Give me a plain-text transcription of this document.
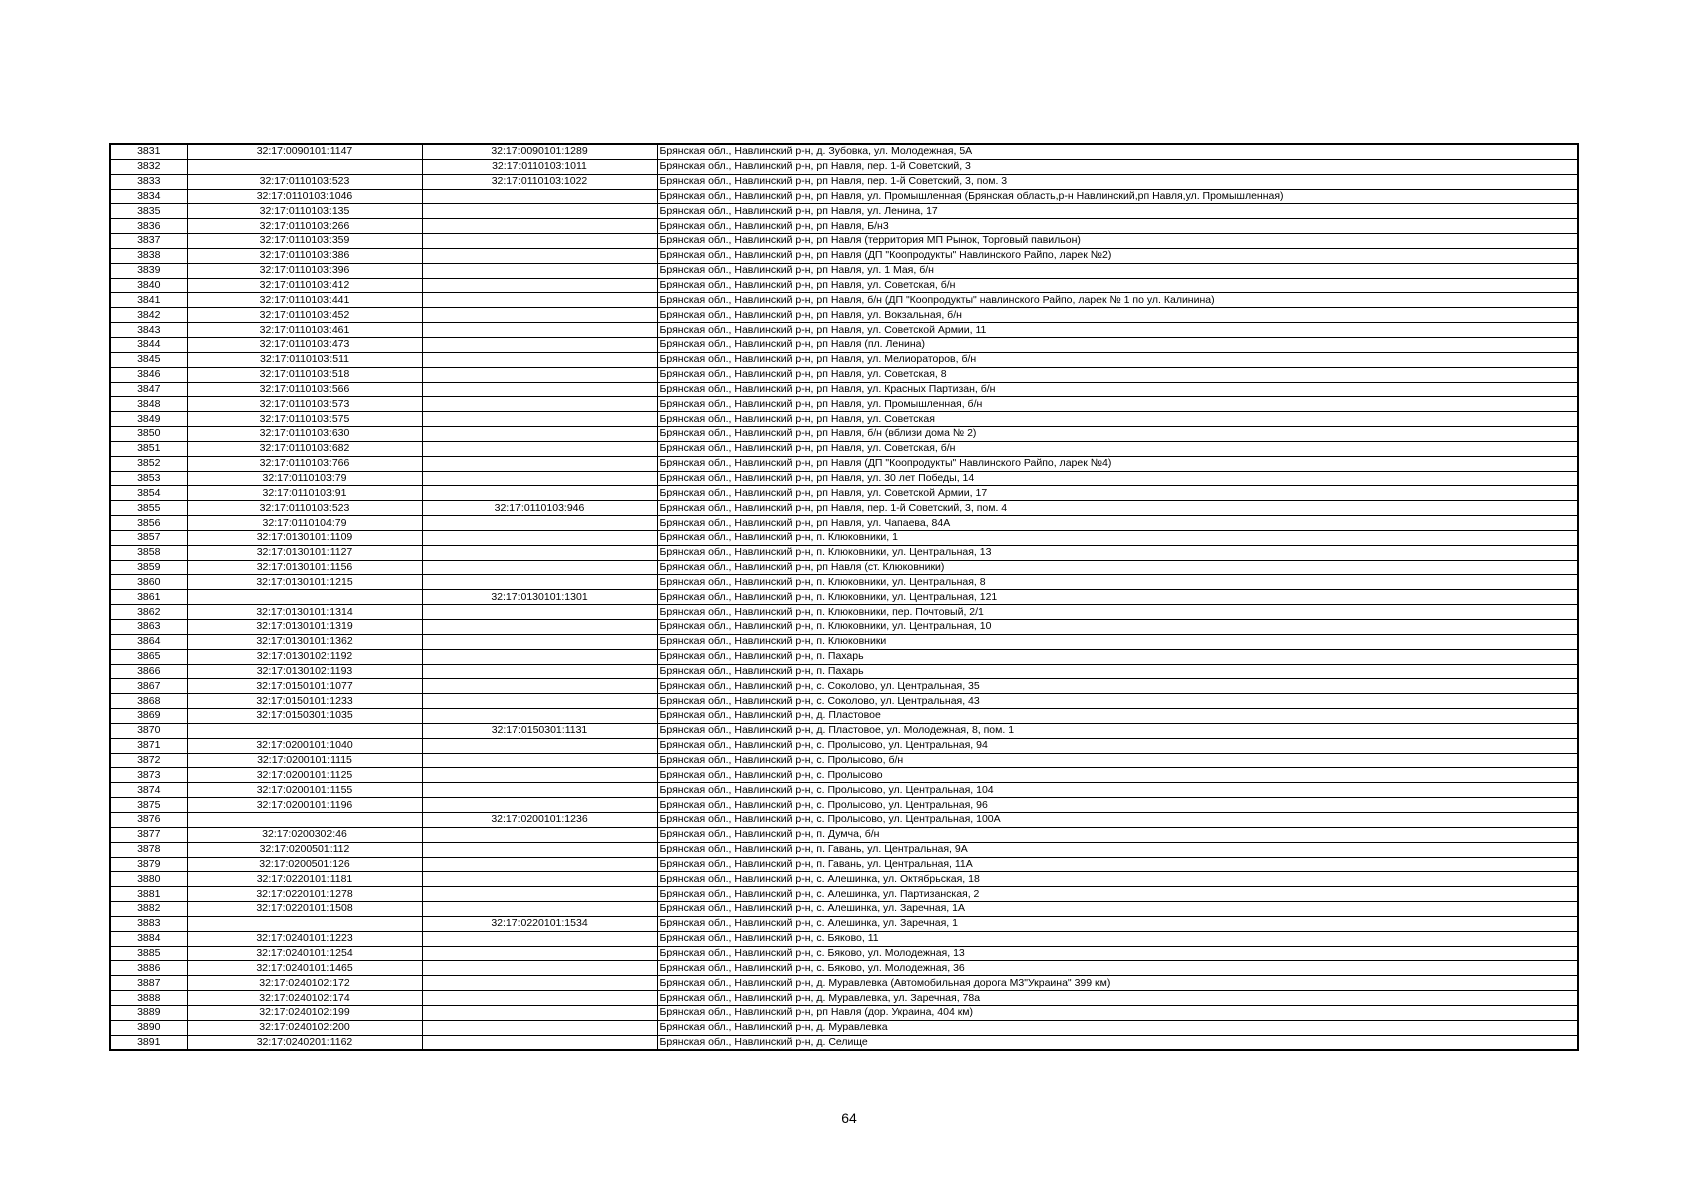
3831	32:17:0090101:1147	32:17:0090101:1289	Брянская обл., Навлинский р-н, д. Зубовка, ул. Молодежная, 5А
3832		32:17:0110103:1011	Брянская обл., Навлинский р-н, рп Навля, пер. 1-й Советский, 3
3833	32:17:0110103:523	32:17:0110103:1022	Брянская обл., Навлинский р-н, рп Навля, пер. 1-й Советский, 3, пом. 3
3834	32:17:0110103:1046		Брянская обл., Навлинский р-н, рп Навля, ул. Промышленная (Брянская область,р-н Навлинский,рп Навля,ул. Промышленная)
3835	32:17:0110103:135		Брянская обл., Навлинский р-н, рп Навля, ул. Ленина, 17
3836	32:17:0110103:266		Брянская обл., Навлинский р-н, рп Навля, Б/н3
3837	32:17:0110103:359		Брянская обл., Навлинский р-н, рп Навля (территория МП Рынок, Торговый павильон)
3838	32:17:0110103:386		Брянская обл., Навлинский р-н, рп Навля (ДП "Коопродукты" Навлинского Райпо, ларек №2)
3839	32:17:0110103:396		Брянская обл., Навлинский р-н, рп Навля, ул. 1 Мая, б/н
3840	32:17:0110103:412		Брянская обл., Навлинский р-н, рп Навля, ул. Советская, б/н
3841	32:17:0110103:441		Брянская обл., Навлинский р-н, рп Навля, б/н (ДП "Коопродукты" навлинского Райпо, ларек № 1 по ул. Калинина)
3842	32:17:0110103:452		Брянская обл., Навлинский р-н, рп Навля, ул. Вокзальная, б/н
3843	32:17:0110103:461		Брянская обл., Навлинский р-н, рп Навля, ул. Советской Армии, 11
3844	32:17:0110103:473		Брянская обл., Навлинский р-н, рп Навля (пл. Ленина)
3845	32:17:0110103:511		Брянская обл., Навлинский р-н, рп Навля, ул. Мелиораторов, б/н
3846	32:17:0110103:518		Брянская обл., Навлинский р-н, рп Навля, ул. Советская, 8
3847	32:17:0110103:566		Брянская обл., Навлинский р-н, рп Навля, ул. Красных Партизан, б/н
3848	32:17:0110103:573		Брянская обл., Навлинский р-н, рп Навля, ул. Промышленная, б/н
3849	32:17:0110103:575		Брянская обл., Навлинский р-н, рп Навля, ул. Советская
3850	32:17:0110103:630		Брянская обл., Навлинский р-н, рп Навля, б/н (вблизи дома № 2)
3851	32:17:0110103:682		Брянская обл., Навлинский р-н, рп Навля, ул. Советская, б/н
3852	32:17:0110103:766		Брянская обл., Навлинский р-н, рп Навля (ДП "Коопродукты" Навлинского Райпо, ларек №4)
3853	32:17:0110103:79		Брянская обл., Навлинский р-н, рп Навля, ул. 30 лет Победы, 14
3854	32:17:0110103:91		Брянская обл., Навлинский р-н, рп Навля, ул. Советской Армии, 17
3855	32:17:0110103:523	32:17:0110103:946	Брянская обл., Навлинский р-н, рп Навля, пер. 1-й Советский, 3, пом. 4
3856	32:17:0110104:79		Брянская обл., Навлинский р-н, рп Навля, ул. Чапаева, 84А
3857	32:17:0130101:1109		Брянская обл., Навлинский р-н, п. Клюковники, 1
3858	32:17:0130101:1127		Брянская обл., Навлинский р-н, п. Клюковники, ул. Центральная, 13
3859	32:17:0130101:1156		Брянская обл., Навлинский р-н, рп Навля (ст. Клюковники)
3860	32:17:0130101:1215		Брянская обл., Навлинский р-н, п. Клюковники, ул. Центральная, 8
3861		32:17:0130101:1301	Брянская обл., Навлинский р-н, п. Клюковники, ул. Центральная, 121
3862	32:17:0130101:1314		Брянская обл., Навлинский р-н, п. Клюковники, пер. Почтовый, 2/1
3863	32:17:0130101:1319		Брянская обл., Навлинский р-н, п. Клюковники, ул. Центральная, 10
3864	32:17:0130101:1362		Брянская обл., Навлинский р-н, п. Клюковники
3865	32:17:0130102:1192		Брянская обл., Навлинский р-н, п. Пахарь
3866	32:17:0130102:1193		Брянская обл., Навлинский р-н, п. Пахарь
3867	32:17:0150101:1077		Брянская обл., Навлинский р-н, с. Соколово, ул. Центральная, 35
3868	32:17:0150101:1233		Брянская обл., Навлинский р-н, с. Соколово, ул. Центральная, 43
3869	32:17:0150301:1035		Брянская обл., Навлинский р-н, д. Пластовое
3870		32:17:0150301:1131	Брянская обл., Навлинский р-н, д. Пластовое, ул. Молодежная, 8, пом. 1
3871	32:17:0200101:1040		Брянская обл., Навлинский р-н, с. Пролысово, ул. Центральная, 94
3872	32:17:0200101:1115		Брянская обл., Навлинский р-н, с. Пролысово, б/н
3873	32:17:0200101:1125		Брянская обл., Навлинский р-н, с. Пролысово
3874	32:17:0200101:1155		Брянская обл., Навлинский р-н, с. Пролысово, ул. Центральная, 104
3875	32:17:0200101:1196		Брянская обл., Навлинский р-н, с. Пролысово, ул. Центральная, 96
3876		32:17:0200101:1236	Брянская обл., Навлинский р-н, с. Пролысово, ул. Центральная, 100А
3877	32:17:0200302:46		Брянская обл., Навлинский р-н, п. Думча, б/н
3878	32:17:0200501:112		Брянская обл., Навлинский р-н, п. Гавань, ул. Центральная, 9А
3879	32:17:0200501:126		Брянская обл., Навлинский р-н, п. Гавань, ул. Центральная, 11А
3880	32:17:0220101:1181		Брянская обл., Навлинский р-н, с. Алешинка, ул. Октябрьская, 18
3881	32:17:0220101:1278		Брянская обл., Навлинский р-н, с. Алешинка, ул. Партизанская, 2
3882	32:17:0220101:1508		Брянская обл., Навлинский р-н, с. Алешинка, ул. Заречная, 1А
3883		32:17:0220101:1534	Брянская обл., Навлинский р-н, с. Алешинка, ул. Заречная, 1
3884	32:17:0240101:1223		Брянская обл., Навлинский р-н, с. Бяково, 11
3885	32:17:0240101:1254		Брянская обл., Навлинский р-н, с. Бяково, ул. Молодежная, 13
3886	32:17:0240101:1465		Брянская обл., Навлинский р-н, с. Бяково, ул. Молодежная, 36
3887	32:17:0240102:172		Брянская обл., Навлинский р-н, д. Муравлевка (Автомобильная дорога М3"Украина" 399 км)
3888	32:17:0240102:174		Брянская обл., Навлинский р-н, д. Муравлевка, ул. Заречная, 78а
3889	32:17:0240102:199		Брянская обл., Навлинский р-н, рп Навля (дор. Украина, 404 км)
3890	32:17:0240102:200		Брянская обл., Навлинский р-н, д. Муравлевка
3891	32:17:0240201:1162		Брянская обл., Навлинский р-н, д. Селище
64
